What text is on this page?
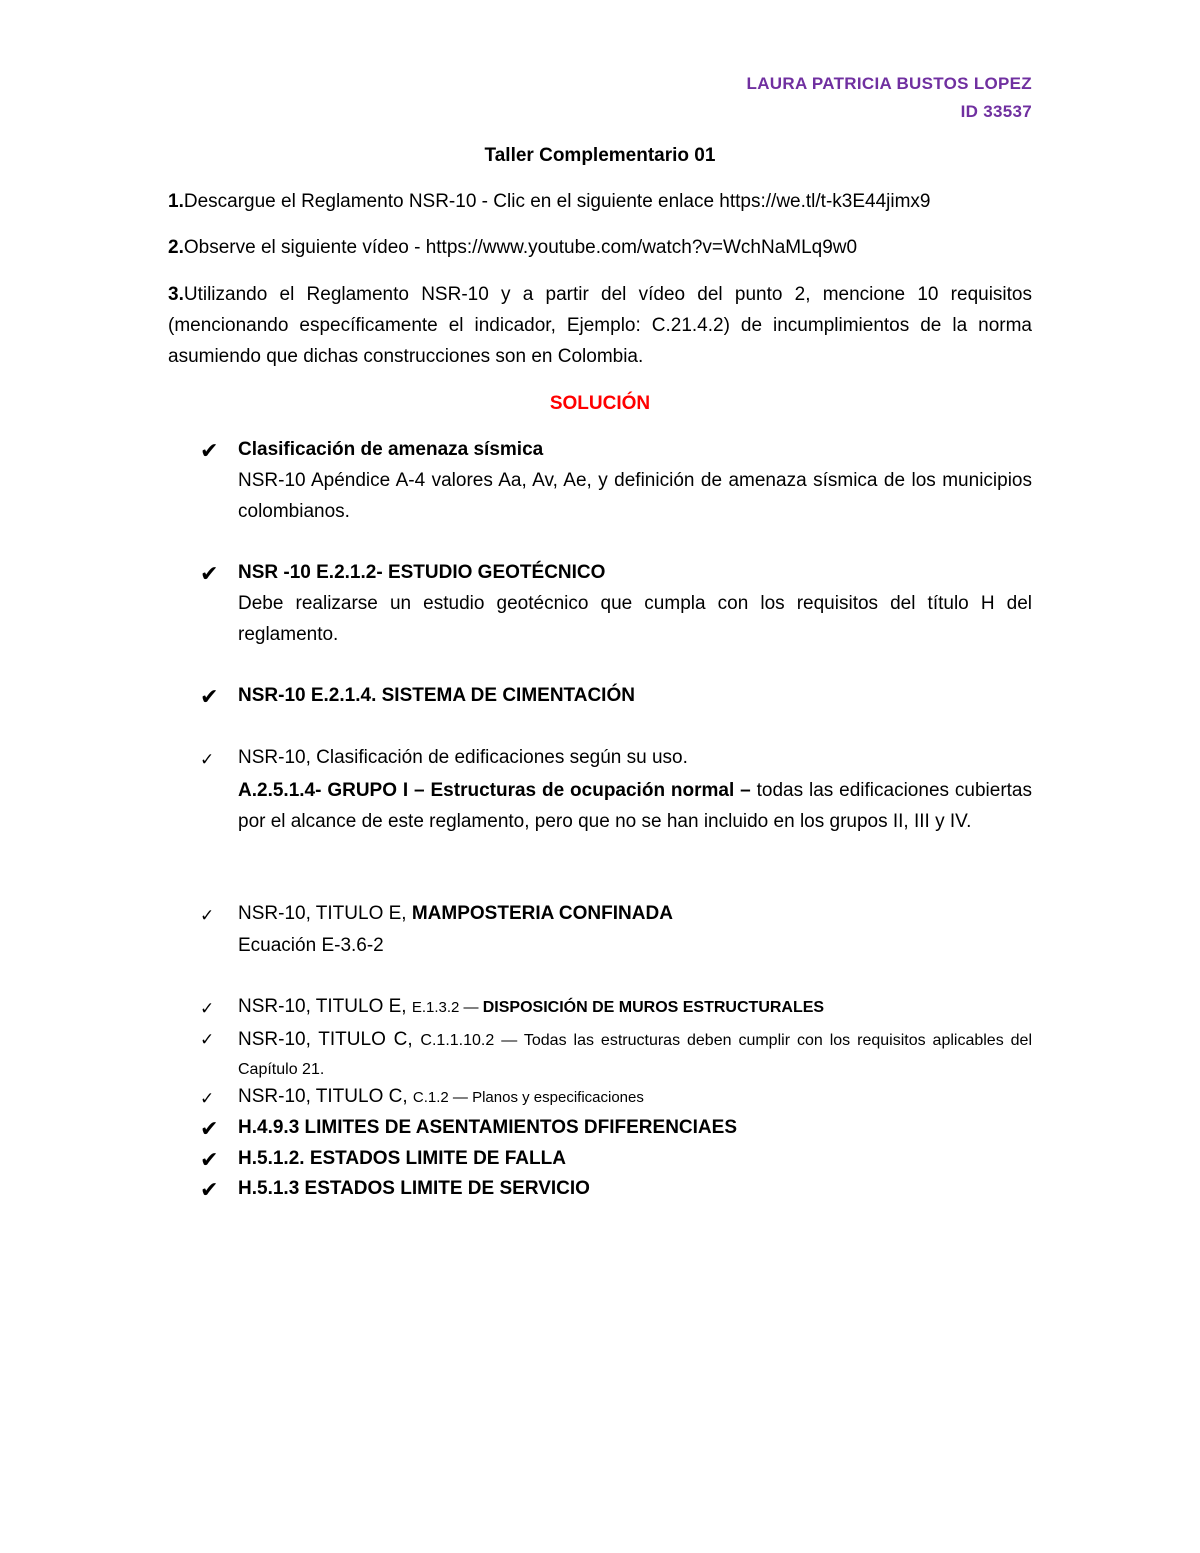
LAURA PATRICIA BUSTOS LOPEZ
ID 33537
Taller Complementario 01
1.Descargue el Reglamento NSR-10 - Clic en el siguiente enlace https://we.tl/t-k3E44jimx9
2.Observe el siguiente vídeo - https://www.youtube.com/watch?v=WchNaMLq9w0
3.Utilizando el Reglamento NSR-10 y a partir del vídeo del punto 2, mencione 10 requisitos (mencionando específicamente el indicador, Ejemplo: C.21.4.2) de incumplimientos de la norma asumiendo que dichas construcciones son en Colombia.
SOLUCIÓN
✔ Clasificación de amenaza sísmica
NSR-10 Apéndice A-4 valores Aa, Av, Ae, y definición de amenaza sísmica de los municipios colombianos.
✔ NSR -10 E.2.1.2- ESTUDIO GEOTÉCNICO
Debe realizarse un estudio geotécnico que cumpla con los requisitos del título H del reglamento.
✔ NSR-10 E.2.1.4. SISTEMA DE CIMENTACIÓN
✓ NSR-10, Clasificación de edificaciones según su uso.
A.2.5.1.4- GRUPO I – Estructuras de ocupación normal – todas las edificaciones cubiertas por el alcance de este reglamento, pero que no se han incluido en los grupos II, III y IV.
✓ NSR-10, TITULO E, MAMPOSTERIA CONFINADA
Ecuación E-3.6-2
✓ NSR-10, TITULO E, E.1.3.2 — DISPOSICIÓN DE MUROS ESTRUCTURALES
✓ NSR-10, TITULO C, C.1.1.10.2 — Todas las estructuras deben cumplir con los requisitos aplicables del Capítulo 21.
✓ NSR-10, TITULO C, C.1.2 — Planos y especificaciones
✔ H.4.9.3 LIMITES DE ASENTAMIENTOS DFIFERENCIAES
✔ H.5.1.2. ESTADOS LIMITE DE FALLA
✔ H.5.1.3 ESTADOS LIMITE DE SERVICIO
